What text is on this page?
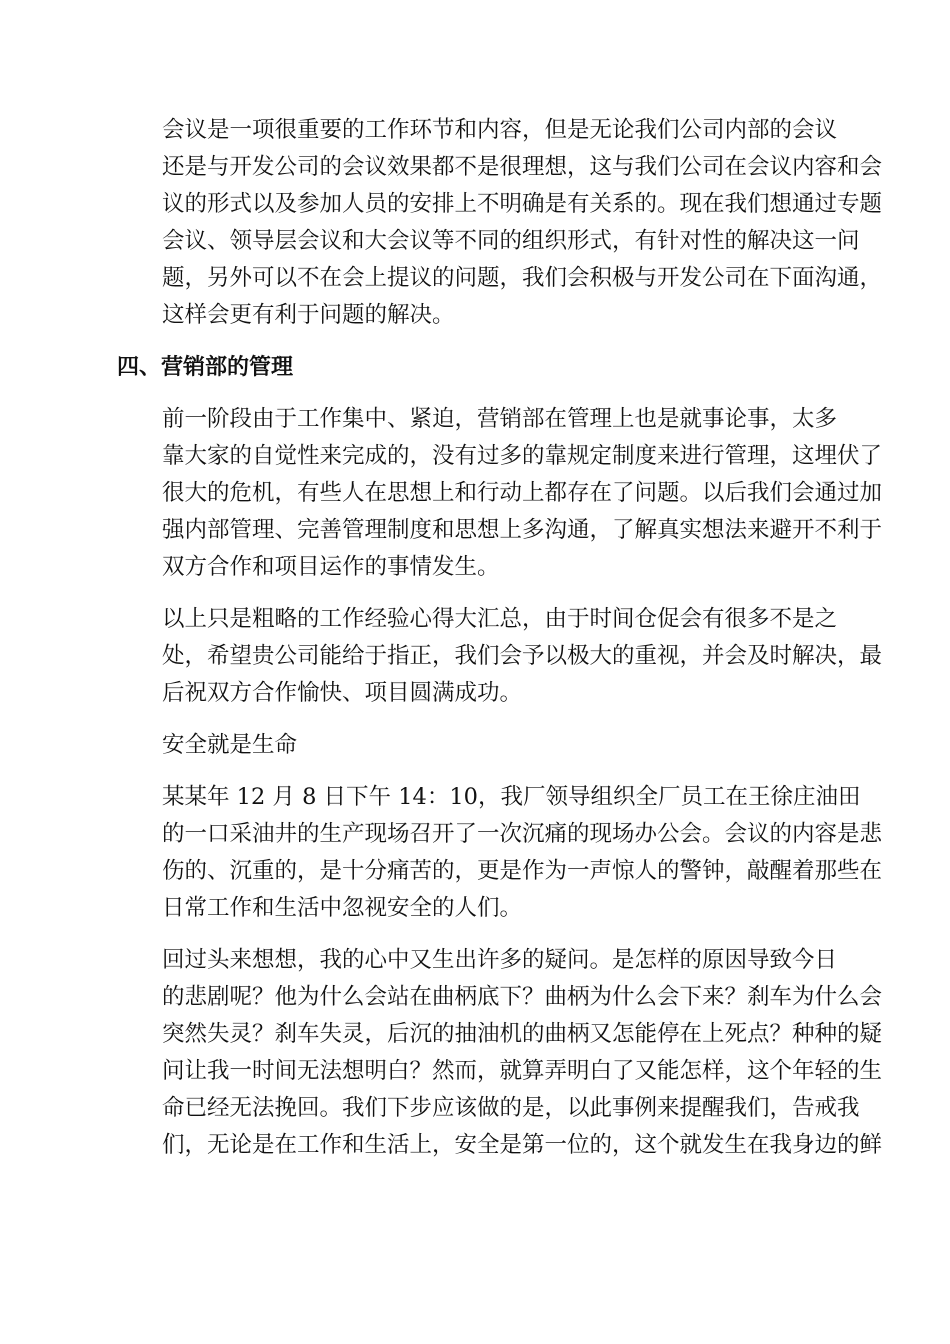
会议是一项很重要的工作环节和内容，但是无论我们公司内部的会议
还是与开发公司的会议效果都不是很理想，这与我们公司在会议内容和会
议的形式以及参加人员的安排上不明确是有关系的。现在我们想通过专题
会议、领导层会议和大会议等不同的组织形式，有针对性的解决这一问
题，另外可以不在会上提议的问题，我们会积极与开发公司在下面沟通，
这样会更有利于问题的解决。

四、营销部的管理

前一阶段由于工作集中、紧迫，营销部在管理上也是就事论事，太多
靠大家的自觉性来完成的，没有过多的靠规定制度来进行管理，这埋伏了
很大的危机，有些人在思想上和行动上都存在了问题。以后我们会通过加
强内部管理、完善管理制度和思想上多沟通，了解真实想法来避开不利于
双方合作和项目运作的事情发生。

以上只是粗略的工作经验心得大汇总，由于时间仓促会有很多不是之
处，希望贵公司能给于指正，我们会予以极大的重视，并会及时解决，最
后祝双方合作愉快、项目圆满成功。

安全就是生命

某某年 12 月 8 日下午 14：10，我厂领导组织全厂员工在王徐庄油田
的一口采油井的生产现场召开了一次沉痛的现场办公会。会议的内容是悲
伤的、沉重的，是十分痛苦的，更是作为一声惊人的警钟，敲醒着那些在
日常工作和生活中忽视安全的人们。

回过头来想想，我的心中又生出许多的疑问。是怎样的原因导致今日
的悲剧呢？他为什么会站在曲柄底下？曲柄为什么会下来？刹车为什么会
突然失灵？刹车失灵，后沉的抽油机的曲柄又怎能停在上死点？种种的疑
问让我一时间无法想明白？然而，就算弄明白了又能怎样，这个年轻的生
命已经无法挽回。我们下步应该做的是，以此事例来提醒我们，告戒我
们，无论是在工作和生活上，安全是第一位的，这个就发生在我身边的鲜
